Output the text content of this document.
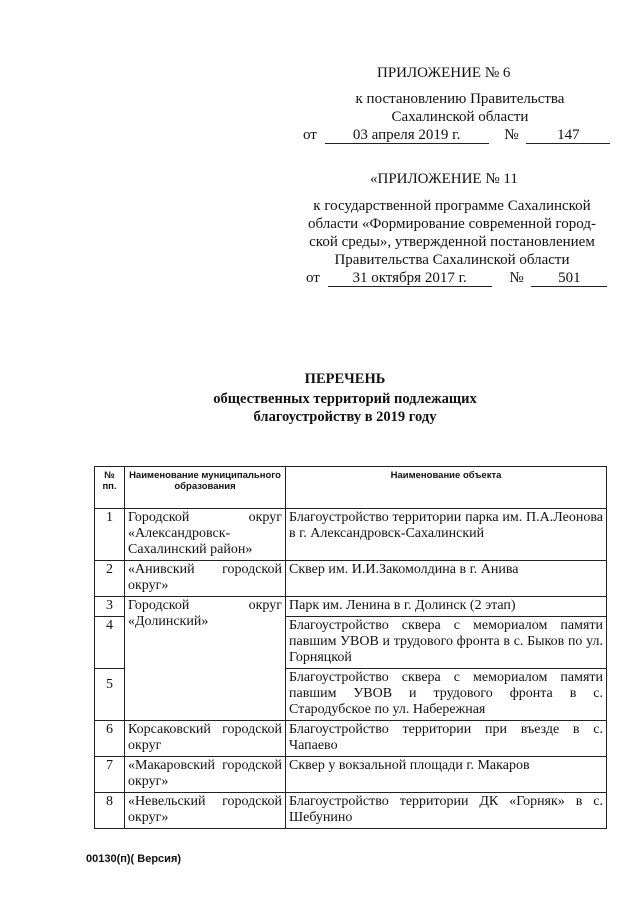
ПРИЛОЖЕНИЕ № 6
к постановлению Правительства
Сахалинской области
от 03 апреля 2019 г.	№	147
«ПРИЛОЖЕНИЕ № 11
к государственной программе Сахалинской
области «Формирование современной город-
ской среды», утвержденной постановлением
Правительства Сахалинской области
от 31 октября 2017 г.	№ 501
ПЕРЕЧЕНЬ
общественных территорий подлежащих
благоустройству в 2019 году
№ пп.	Наименование муниципального образования	Наименование объекта
1	Городской округ «Александровск-Сахалинский район»	Благоустройство территории парка им. П.А.Леонова в г. Александровск-Сахалинский
2	«Анивский городской округ»	Сквер им. И.И.Закомолдина в г. Анива
3	Городской округ «Долинский»	Парк им. Ленина в г. Долинск (2 этап)
4		Благоустройство сквера с мемориалом памяти павшим УВОВ и трудового фронта в с. Быков по ул. Горняцкой
5		Благоустройство сквера с мемориалом памяти павшим УВОВ и трудового фронта в с. Стародубское по ул. Набережная
6	Корсаковский городской округ	Благоустройство территории при въезде в с. Чапаево
7	«Макаровский городской округ»	Сквер у вокзальной площади г. Макаров
8	«Невельский городской округ»	Благоустройство территории ДК «Горняк» в с. Шебунино
00130(п)( Версия)
